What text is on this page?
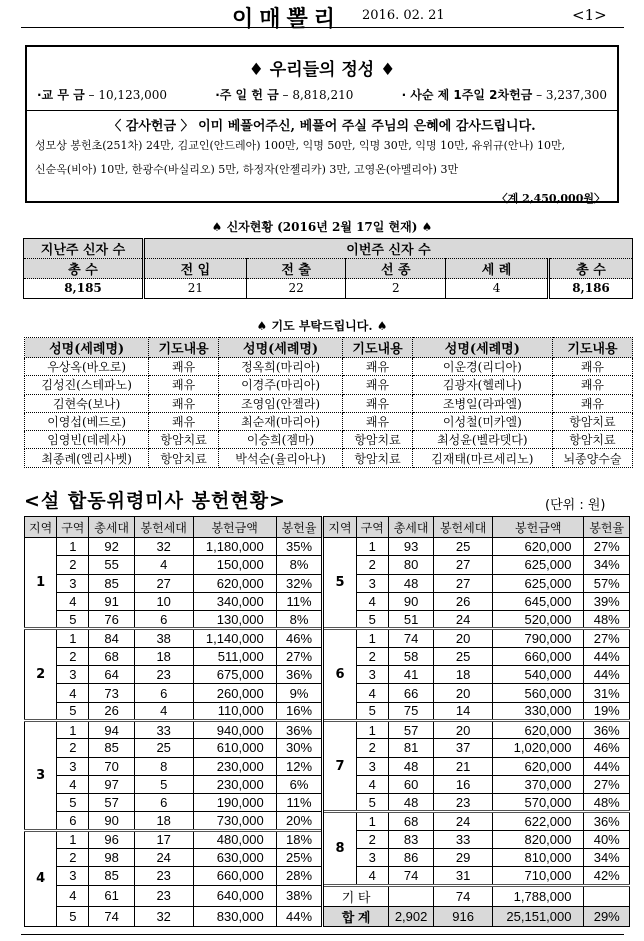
이매뽈리 2016. 02. 21	<1>
♦ 우리들의 정성 ♦
·교 무 금 – 10,123,000	·주 일 헌 금 – 8,818,210	· 사순 제 1주일 2차헌금 – 3,237,300
〈 감사헌금 〉 이미 베풀어주신, 베풀어 주실 주님의 은혜에 감사드립니다.
성모상 봉헌초(251차) 24만, 김교인(안드레아) 100만, 익명 50만, 익명 30만, 익명 10만, 유위규(안나) 10만,
신순옥(비아) 10만, 한광수(바실리오) 5만, 하정자(안젤리카) 3만, 고영온(아멜리아) 3만
〈계 2,450,000원〉
♠ 신자현황 (2016년 2월 17일 현재) ♠
지난주 신자 수	이번주 신자 수				
총 수	전 입	전 출	선 종	세 례	총 수
8,185	21	22	2	4	8,186
♠ 기도 부탁드립니다. ♠
성명(세례명)	기도내용	성명(세례명)	기도내용	성명(세례명)	기도내용
우상옥(바오로)	쾌유	정옥희(마리아)	쾌유	이운경(리디아)	쾌유
김성진(스테파노)	쾌유	이경주(마리아)	쾌유	김광자(헬레나)	쾌유
김현숙(보나)	쾌유	조영임(안젤라)	쾌유	조병일(라파엘)	쾌유
이영섭(베드로)	쾌유	최순재(마리아)	쾌유	이성철(미카엘)	항암치료
임영빈(데레사)	항암치료	이승희(젬마)	항암치료	최성윤(벨라뎃다)	항암치료
최종례(엘리사벳)	항암치료	박석순(율리아나)	항암치료	김재태(마르세리노)	뇌종양수술
<설 합동위령미사 봉헌현황>	(단위 : 원)
지역	구역	총세대	봉헌세대	봉헌금액	봉헌율	지역	구역	총세대	봉헌세대	봉헌금액	봉헌율
1	1	92	32	1,180,000	35%	5	1	93	25	620,000	27%
	2	55	4	150,000	8%		2	80	27	625,000	34%
	3	85	27	620,000	32%		3	48	27	625,000	57%
	4	91	10	340,000	11%		4	90	26	645,000	39%
	5	76	6	130,000	8%		5	51	24	520,000	48%
2	1	84	38	1,140,000	46%	6	1	74	20	790,000	27%
	2	68	18	511,000	27%		2	58	25	660,000	44%
	3	64	23	675,000	36%		3	41	18	540,000	44%
	4	73	6	260,000	9%		4	66	20	560,000	31%
	5	26	4	110,000	16%		5	75	14	330,000	19%
3	1	94	33	940,000	36%	7	1	57	20	620,000	36%
	2	85	25	610,000	30%		2	81	37	1,020,000	46%
	3	70	8	230,000	12%		3	48	21	620,000	44%
	4	97	5	230,000	6%		4	60	16	370,000	27%
	5	57	6	190,000	11%		5	48	23	570,000	48%
	6	90	18	730,000	20%	8	1	68	24	622,000	36%
4	1	96	17	480,000	18%		2	83	33	820,000	40%
	2	98	24	630,000	25%		3	86	29	810,000	34%
	3	85	23	660,000	28%		4	74	31	710,000	42%
	4	61	23	640,000	38%	기 타			74	1,788,000	
	5	74	32	830,000	44%	합 계		2,902	916	25,151,000	29%
